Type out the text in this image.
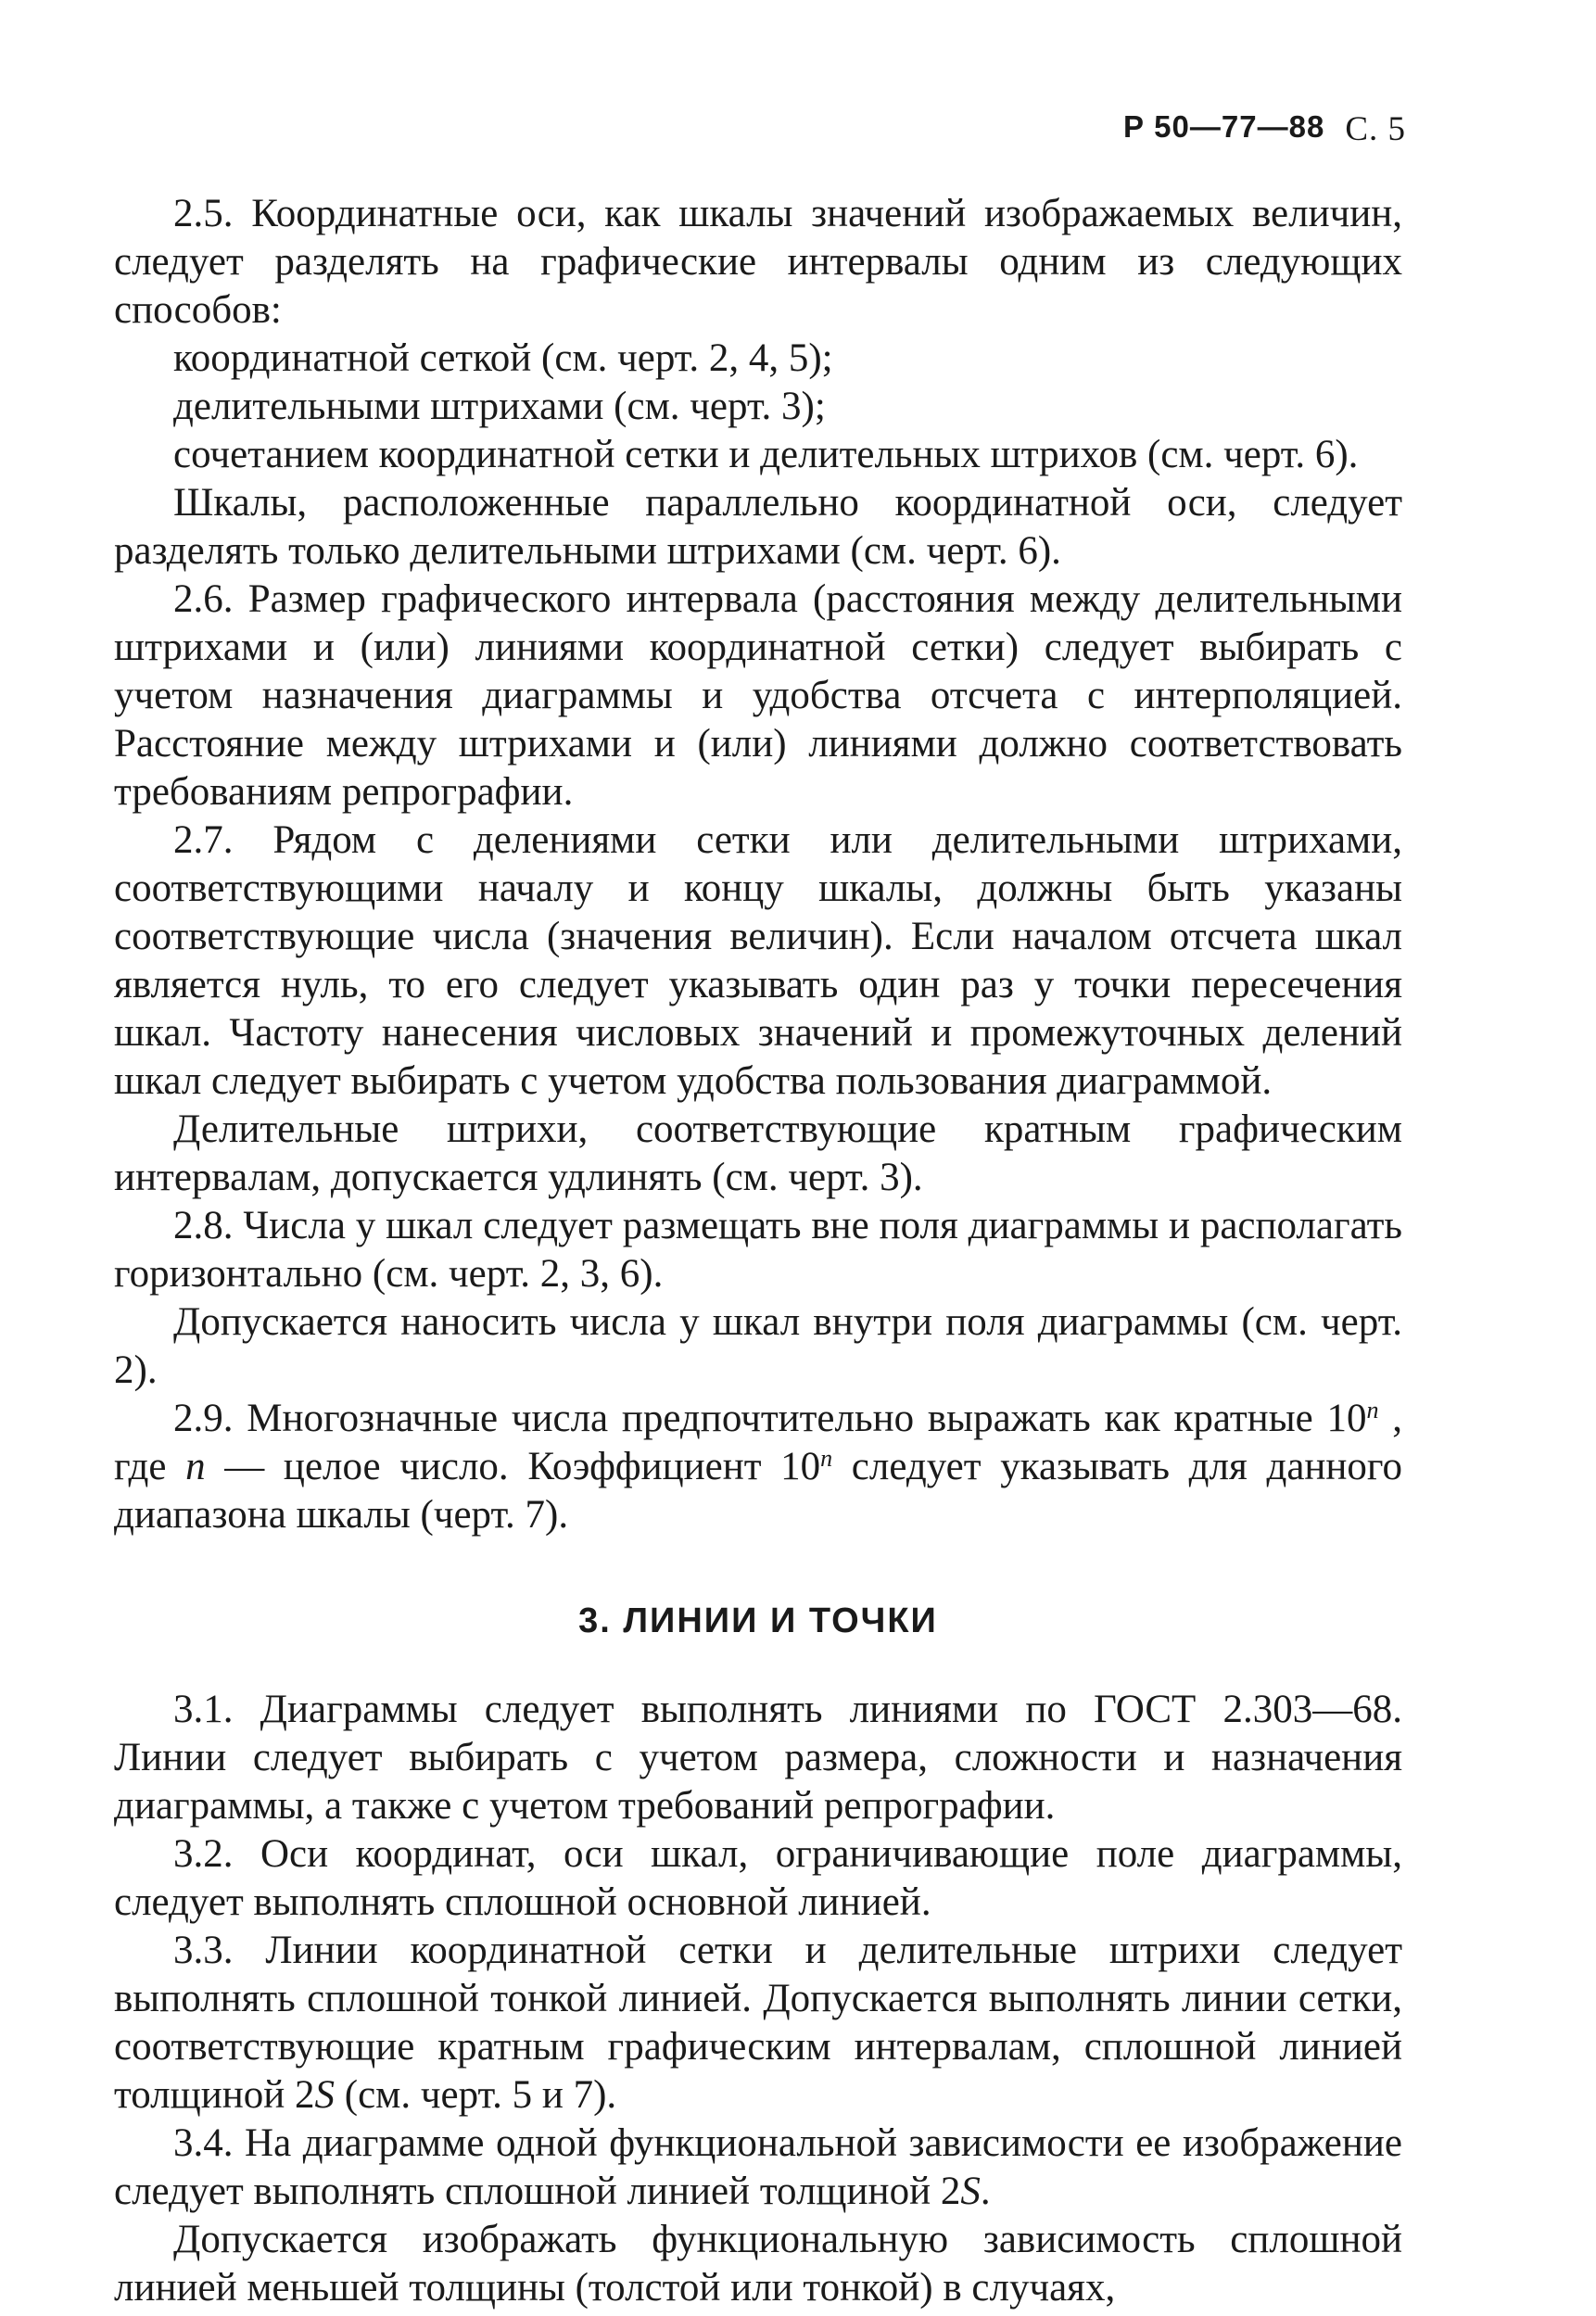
Р 50—77—88 С. 5

2.5. Координатные оси, как шкалы значений изображаемых величин, следует разделять на графические интервалы одним из следующих способов:

координатной сеткой (см. черт. 2, 4, 5);

делительными штрихами (см. черт. 3);

сочетанием координатной сетки и делительных штрихов (см. черт. 6).

Шкалы, расположенные параллельно координатной оси, следует разделять только делительными штрихами (см. черт. 6).

2.6. Размер графического интервала (расстояния между делительными штрихами и (или) линиями координатной сетки) следует выбирать с учетом назначения диаграммы и удобства отсчета с интерполяцией. Расстояние между штрихами и (или) линиями должно соответствовать требованиям репрографии.

2.7. Рядом с делениями сетки или делительными штрихами, соответствующими началу и концу шкалы, должны быть указаны соответствующие числа (значения величин). Если началом отсчета шкал является нуль, то его следует указывать один раз у точки пересечения шкал. Частоту нанесения числовых значений и промежуточных делений шкал следует выбирать с учетом удобства пользования диаграммой.

Делительные штрихи, соответствующие кратным графическим интервалам, допускается удлинять (см. черт. 3).

2.8. Числа у шкал следует размещать вне поля диаграммы и располагать горизонтально (см. черт. 2, 3, 6).

Допускается наносить числа у шкал внутри поля диаграммы (см. черт. 2).

2.9. Многозначные числа предпочтительно выражать как кратные 10$^n$ , где n — целое число. Коэффициент 10$^n$ следует указывать для данного диапазона шкалы (черт. 7).

3. ЛИНИИ И ТОЧКИ

3.1. Диаграммы следует выполнять линиями по ГОСТ 2.303—68. Линии следует выбирать с учетом размера, сложности и назначения диаграммы, а также с учетом требований репрографии.

3.2. Оси координат, оси шкал, ограничивающие поле диаграммы, следует выполнять сплошной основной линией.

3.3. Линии координатной сетки и делительные штрихи следует выполнять сплошной тонкой линией. Допускается выполнять линии сетки, соответствующие кратным графическим интервалам, сплошной линией толщиной 2S (см. черт. 5 и 7).

3.4. На диаграмме одной функциональной зависимости ее изображение следует выполнять сплошной линией толщиной 2S.

Допускается изображать функциональную зависимость сплошной линией меньшей толщины (толстой или тонкой) в случаях,
